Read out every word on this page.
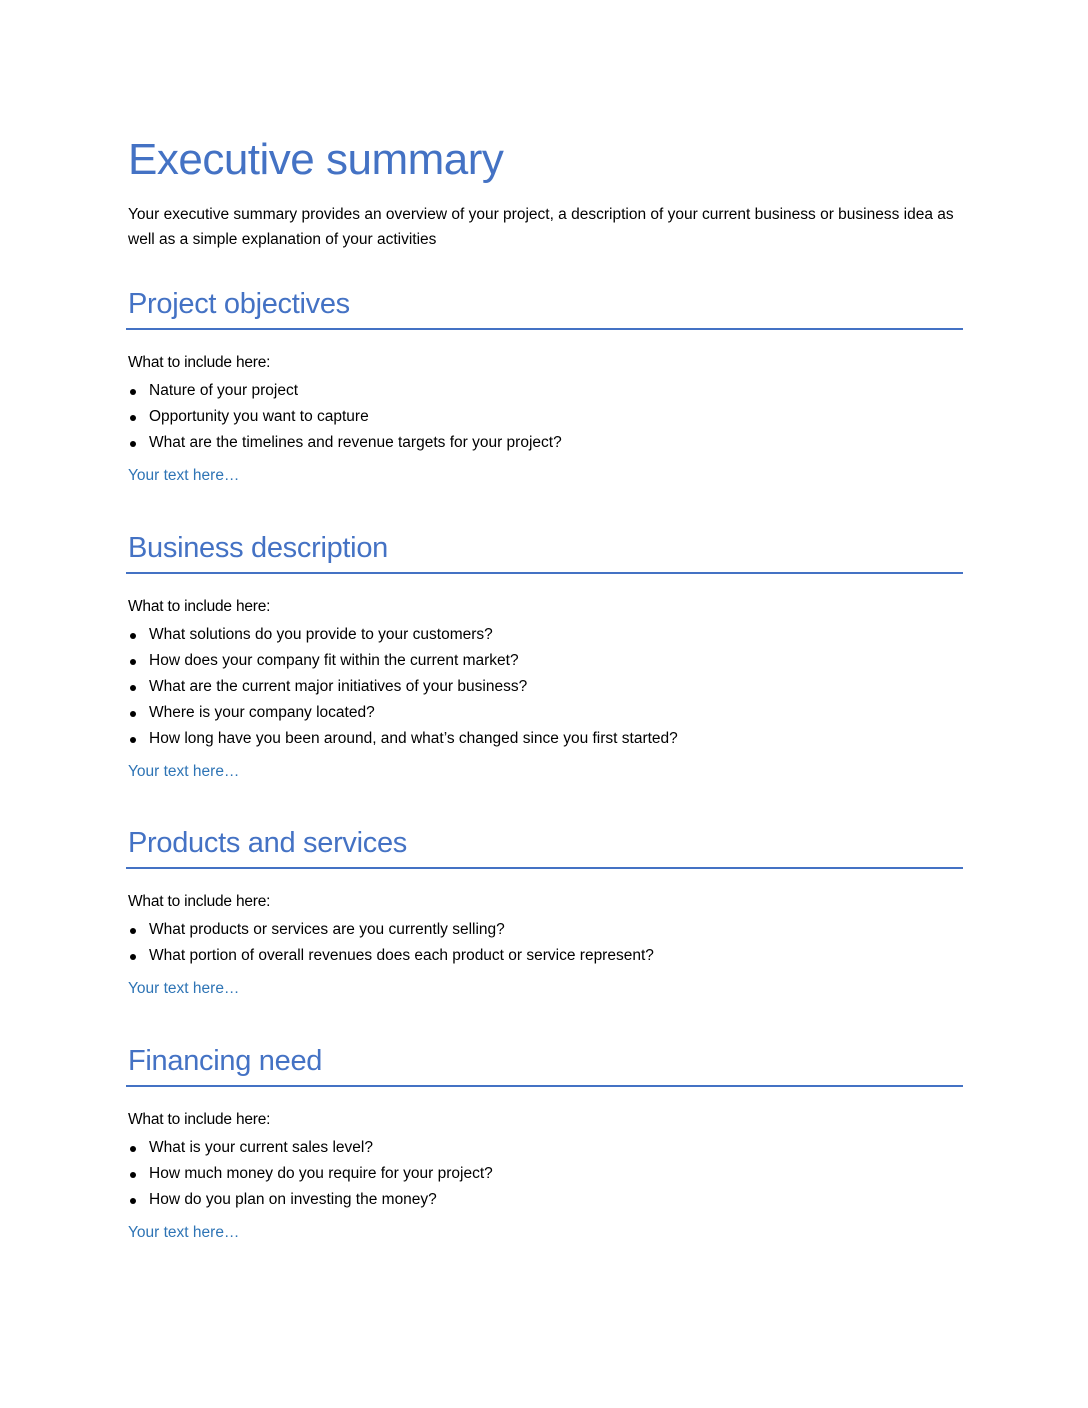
Executive summary

Your executive summary provides an overview of your project, a description of your current business or business idea as well as a simple explanation of your activities

Project objectives
What to include here:
Nature of your project
Opportunity you want to capture
What are the timelines and revenue targets for your project?
Your text here…
Business description
What to include here:
What solutions do you provide to your customers?
How does your company fit within the current market?
What are the current major initiatives of your business?
Where is your company located?
How long have you been around, and what’s changed since you first started?
Your text here…
Products and services
What to include here:
What products or services are you currently selling?
What portion of overall revenues does each product or service represent?
Your text here…
Financing need
What to include here:
What is your current sales level?
How much money do you require for your project?
How do you plan on investing the money?
Your text here…
